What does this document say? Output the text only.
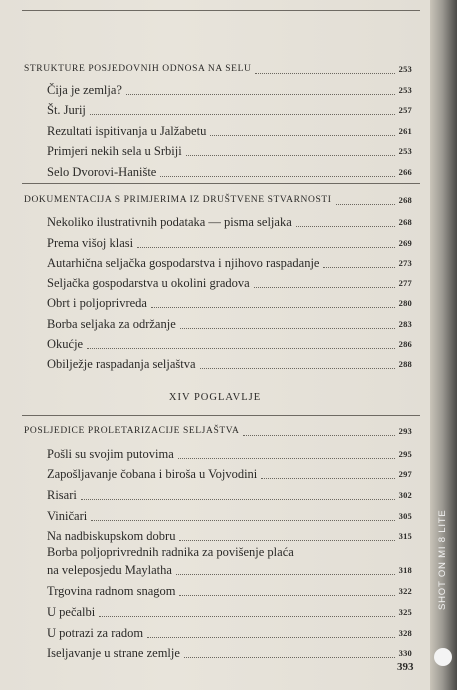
STRUKTURE POSJEDOVNIH ODNOSA NA SELU	253
Čija je zemlja?	253
Št. Jurij	257
Rezultati ispitivanja u Jalžabetu	261
Primjeri nekih sela u Srbiji	253
Selo Dvorovi-Hanište	266
DOKUMENTACIJA S PRIMJERIMA IZ DRUŠTVENE STVARNOSTI	268
Nekoliko ilustrativnih podataka — pisma seljaka	268
Prema višoj klasi	269
Autarhična seljačka gospodarstva i njihovo raspadanje	273
Seljačka gospodarstva u okolini gradova	277
Obrt i poljoprivreda	280
Borba seljaka za održanje	283
Okućje	286
Obilježje raspadanja seljaštva	288
XIV POGLAVLJE
POSLJEDICE PROLETARIZACIJE SELJAŠTVA	293
Pošli su svojim putovima	295
Zapošljavanje čobana i biroša u Vojvodini	297
Risari	302
Viničari	305
Na nadbiskupskom dobru	315
Borba poljoprivrednih radnika za povišenje plaća
na veleposjedu Maylatha	318
Trgovina radnom snagom	322
U pečalbi	325
U potrazi za radom	328
Iseljavanje u strane zemlje	330
393
SHOT ON MI 8 LITE
